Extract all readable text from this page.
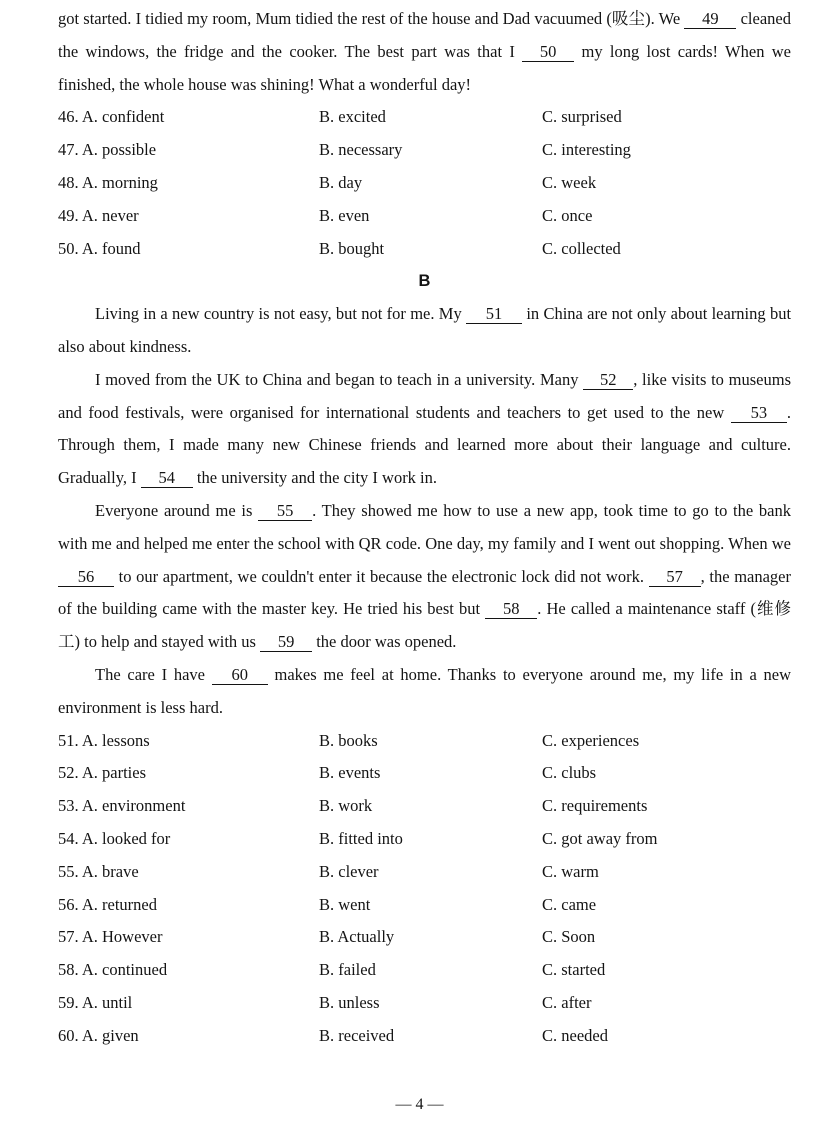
got started. I tidied my room, Mum tidied the rest of the house and Dad vacuumed (吸尘). We 49 cleaned the windows, the fridge and the cooker. The best part was that I 50 my long lost cards! When we finished, the whole house was shining! What a wonderful day!

46. A. confident	B. excited	C. surprised
47. A. possible	B. necessary	C. interesting
48. A. morning	B. day	C. week
49. A. never	B. even	C. once
50. A. found	B. bought	C. collected
B

Living in a new country is not easy, but not for me. My 51 in China are not only about learning but also about kindness.

I moved from the UK to China and began to teach in a university. Many 52 , like visits to museums and food festivals, were organised for international students and teachers to get used to the new 53 . Through them, I made many new Chinese friends and learned more about their language and culture. Gradually, I 54 the university and the city I work in.

Everyone around me is 55 . They showed me how to use a new app, took time to go to the bank with me and helped me enter the school with QR code. One day, my family and I went out shopping. When we 56 to our apartment, we couldn't enter it because the electronic lock did not work. 57 , the manager of the building came with the master key. He tried his best but 58 . He called a maintenance staff (维修工) to help and stayed with us 59 the door was opened.

The care I have 60 makes me feel at home. Thanks to everyone around me, my life in a new environment is less hard.

51. A. lessons	B. books	C. experiences
52. A. parties	B. events	C. clubs
53. A. environment	B. work	C. requirements
54. A. looked for	B. fitted into	C. got away from
55. A. brave	B. clever	C. warm
56. A. returned	B. went	C. came
57. A. However	B. Actually	C. Soon
58. A. continued	B. failed	C. started
59. A. until	B. unless	C. after
60. A. given	B. received	C. needed
— 4 —
